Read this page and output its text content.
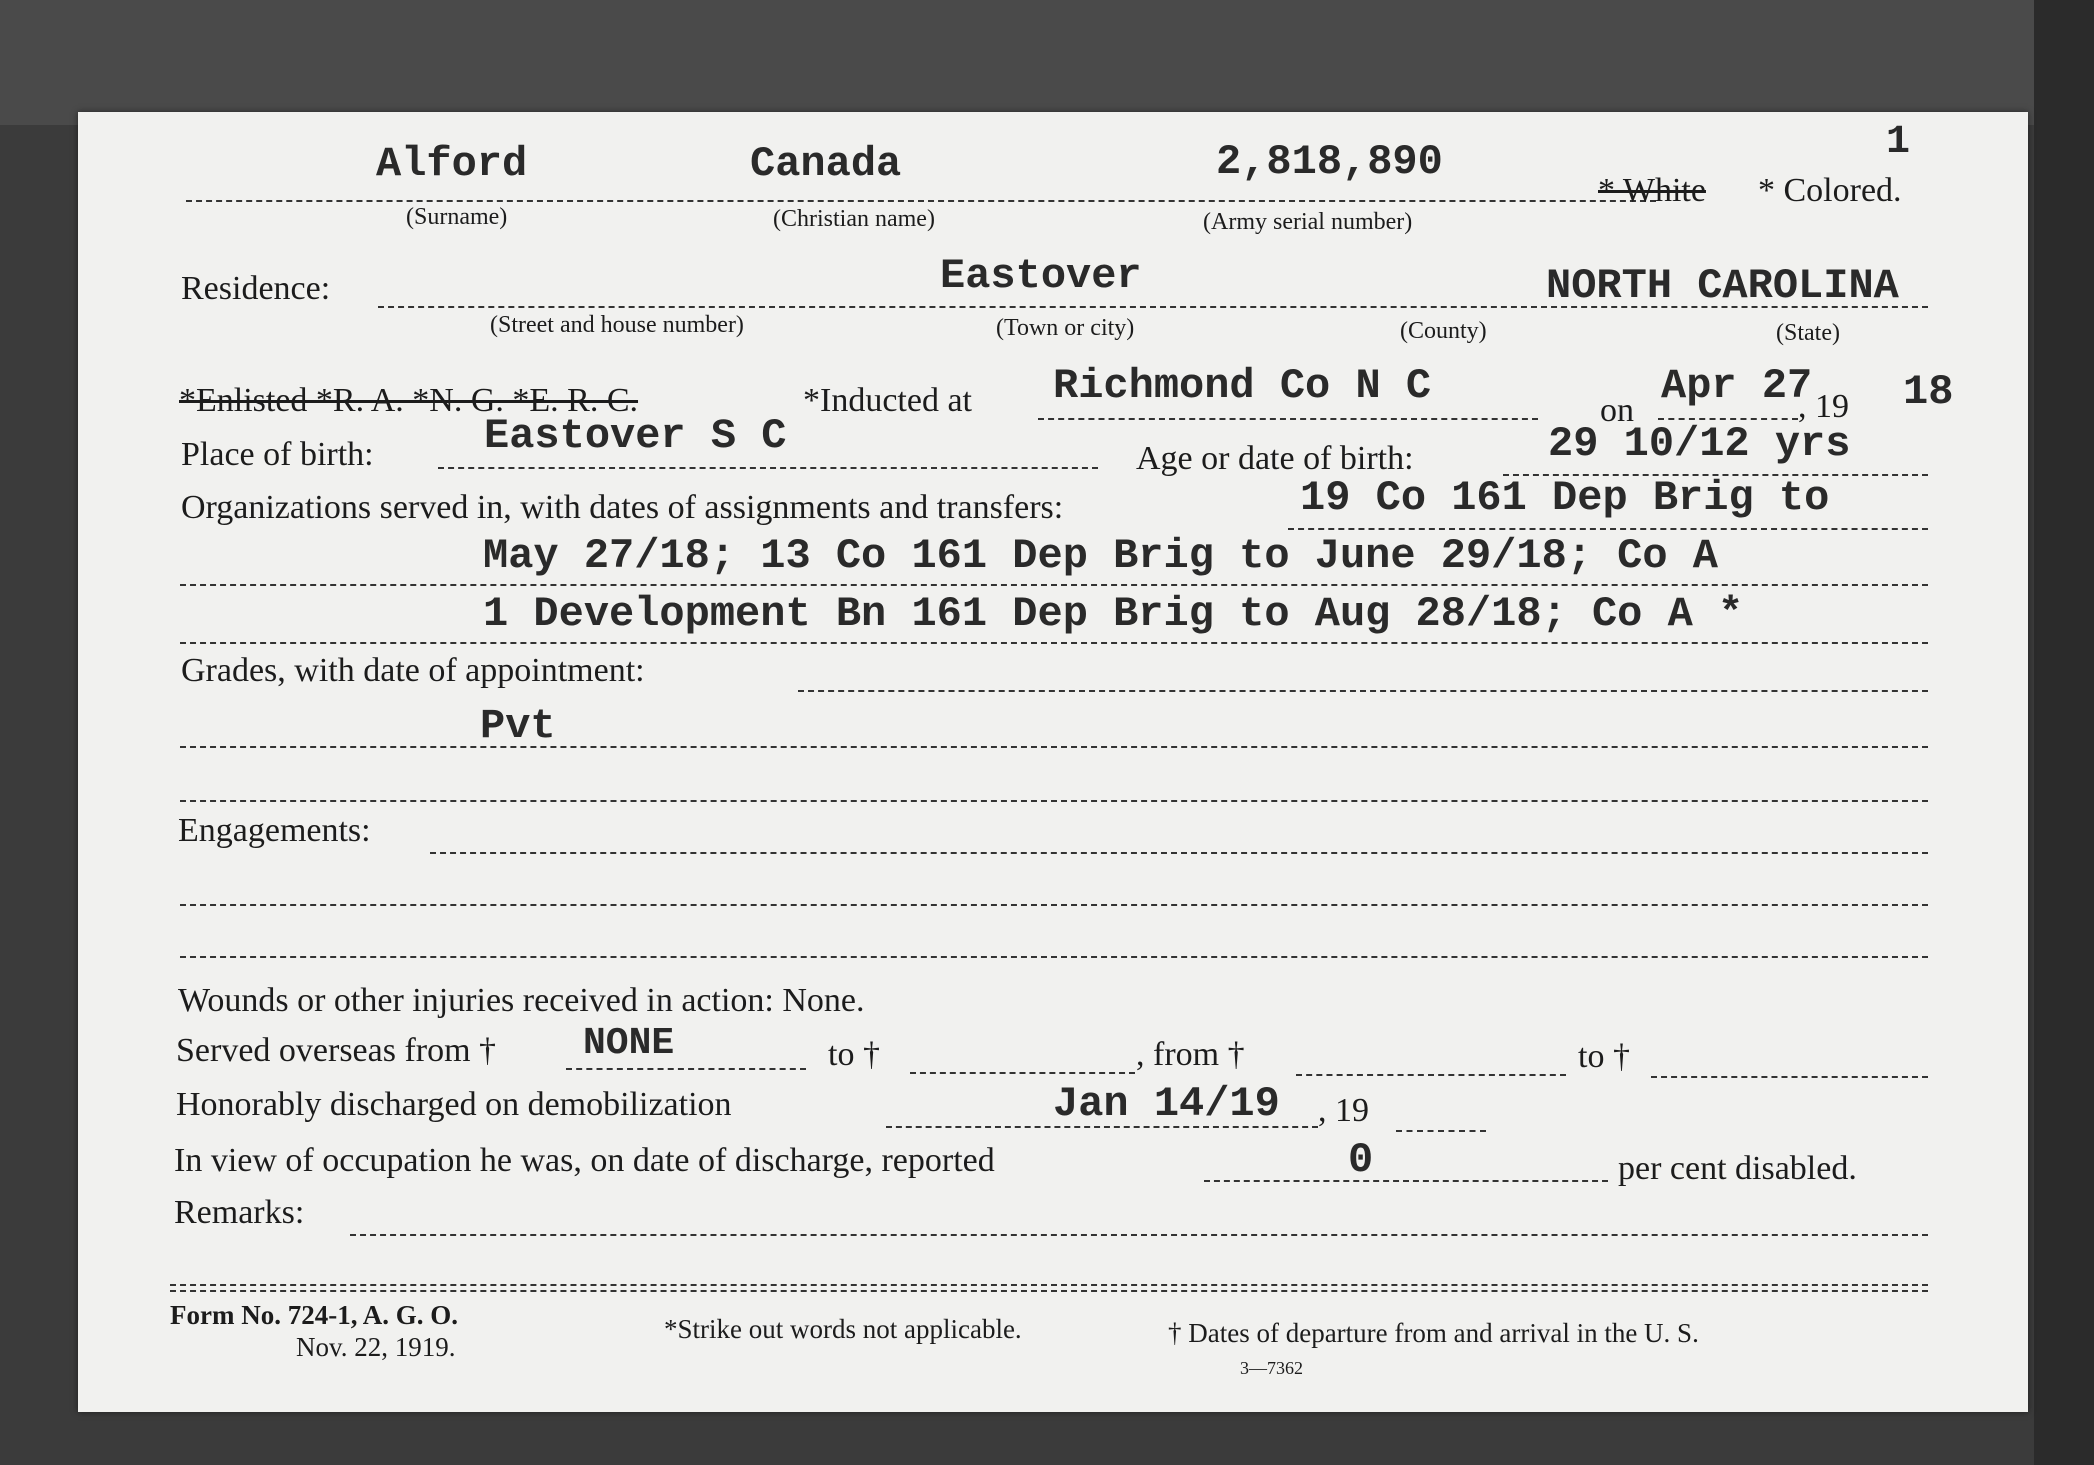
1
Alford	Canada	2,818,890
* White * Colored.
(Surname)	(Christian name)	(Army serial number)
Residence:	Eastover	NORTH CAROLINA
(Street and house number)	(Town or city)	(County)	(State)
*Enlisted *R. A. *N. G. *E. R. C.	*Inducted at Richmond Co N C
on
Apr 27
, 19 18
Place of birth:	Eastover S C	Age or date of birth:	29 10/12 yrs
Organizations served in, with dates of assignments and transfers:	19 Co 161 Dep Brig to
May 27/18; 13 Co 161 Dep Brig to June 29/18; Co A
1 Development Bn 161 Dep Brig to Aug 28/18; Co A *
Grades, with date of appointment:
Pvt
Engagements:
Wounds or other injuries received in action: None.
Served overseas from † NONE	to †	, from †	to †
Honorably discharged on demobilization	Jan 14/19 , 19
In view of occupation he was, on date of discharge, reported	0	per cent disabled.
Remarks:
Form No. 724-1, A. G. O.
Nov. 22, 1919.
*Strike out words not applicable.	† Dates of departure from and arrival in the U. S.
3—7362
